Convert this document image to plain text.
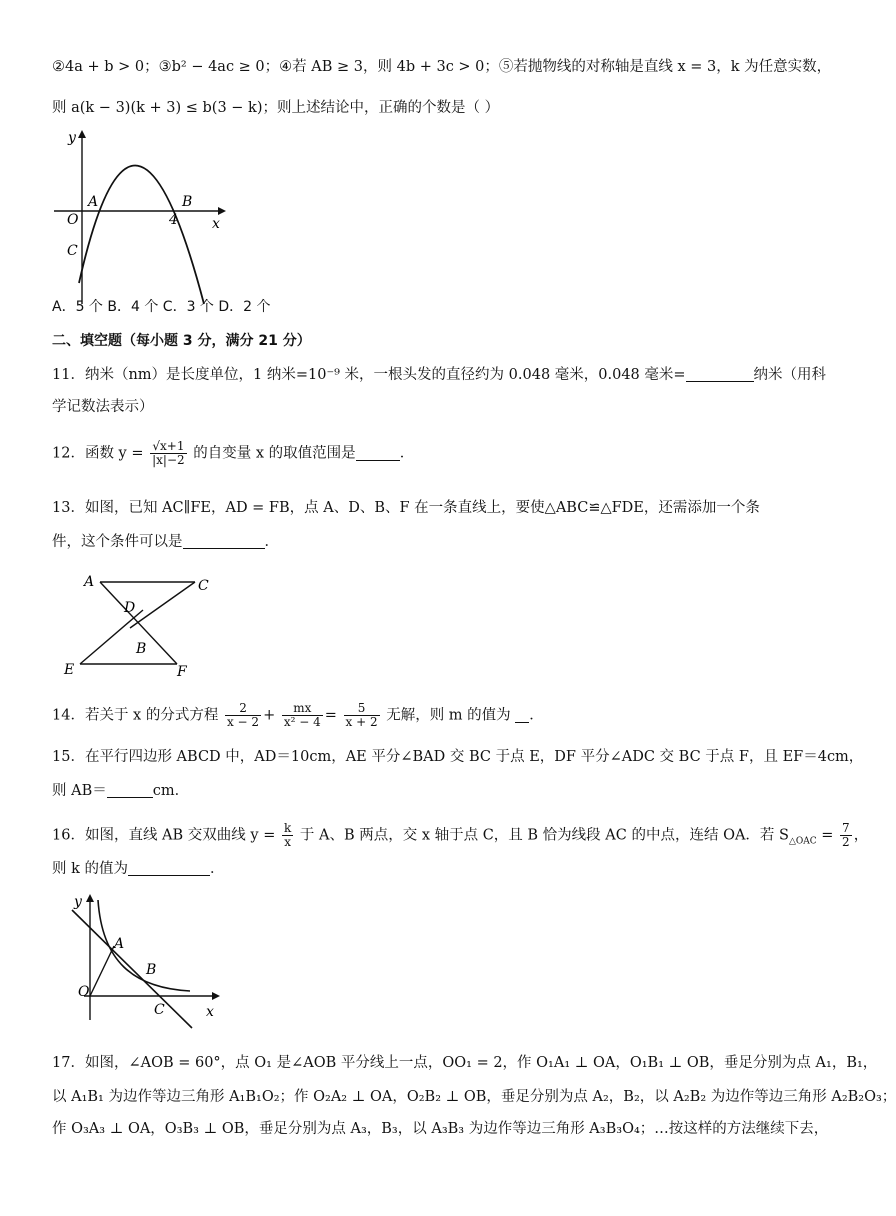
②4a + b > 0；③b² − 4ac ≥ 0；④若 AB ≥ 3，则 4b + 3c > 0；⑤若抛物线的对称轴是直线 x = 3，k 为任意实数，
则 a(k − 3)(k + 3) ≤ b(3 − k)；则上述结论中，正确的个数是（ ）
y
x
O
A	B
4
C
A．5 个 B．4 个 C．3 个 D．2 个
二、填空题（每小题 3 分，满分 21 分）
11．纳米（nm）是长度单位，1 纳米=10⁻⁹ 米，一根头发的直径约为 0.048 毫米，0.048 毫米=	纳米（用科
学记数法表示）
12．函数 $y = \frac{√x+1}{|x|-2}$ 的自变量 x 的取值范围是	．
13．如图，已知 AC∥FE，AD = FB，点 A、D、B、F 在一条直线上，要使△ABC≌△FDE，还需添加一个条
件，这个条件可以是	．
A	C
D
B
E	F
14．若关于 x 的分式方程 $\frac{2}{x - 2} + \frac{mx}{\text{x² − 4}} = \frac{5}{x + 2}$ 无解，则 m 的值为 ．
15．在平行四边形 ABCD 中，AD＝10cm，AE 平分∠BAD 交 BC 于点 E，DF 平分∠ADC 交 BC 于点 F，且 EF＝4cm，
则 AB＝	cm．
16．如图，直线 AB 交双曲线 $y = \frac{k}{x}$ 于 A、B 两点，交 x 轴于点 C，且 B 恰为线段 AC 的中点，连结 OA．若 $S_{\triangle OAC} = \frac{7}{2}$ ，
则 k 的值为	．
y
x
O
A
B
C
17．如图，∠AOB = 60°，点 O₁ 是∠AOB 平分线上一点，OO₁ = 2，作 O₁A₁ ⊥ OA，O₁B₁ ⊥ OB，垂足分别为点 A₁，B₁，
以 A₁B₁ 为边作等边三角形 A₁B₁O₂；作 O₂A₂ ⊥ OA，O₂B₂ ⊥ OB，垂足分别为点 A₂，B₂，以 A₂B₂ 为边作等边三角形 A₂B₂O₃；
作 O₃A₃ ⊥ OA，O₃B₃ ⊥ OB，垂足分别为点 A₃，B₃，以 A₃B₃ 为边作等边三角形 A₃B₃O₄；…按这样的方法继续下去，
